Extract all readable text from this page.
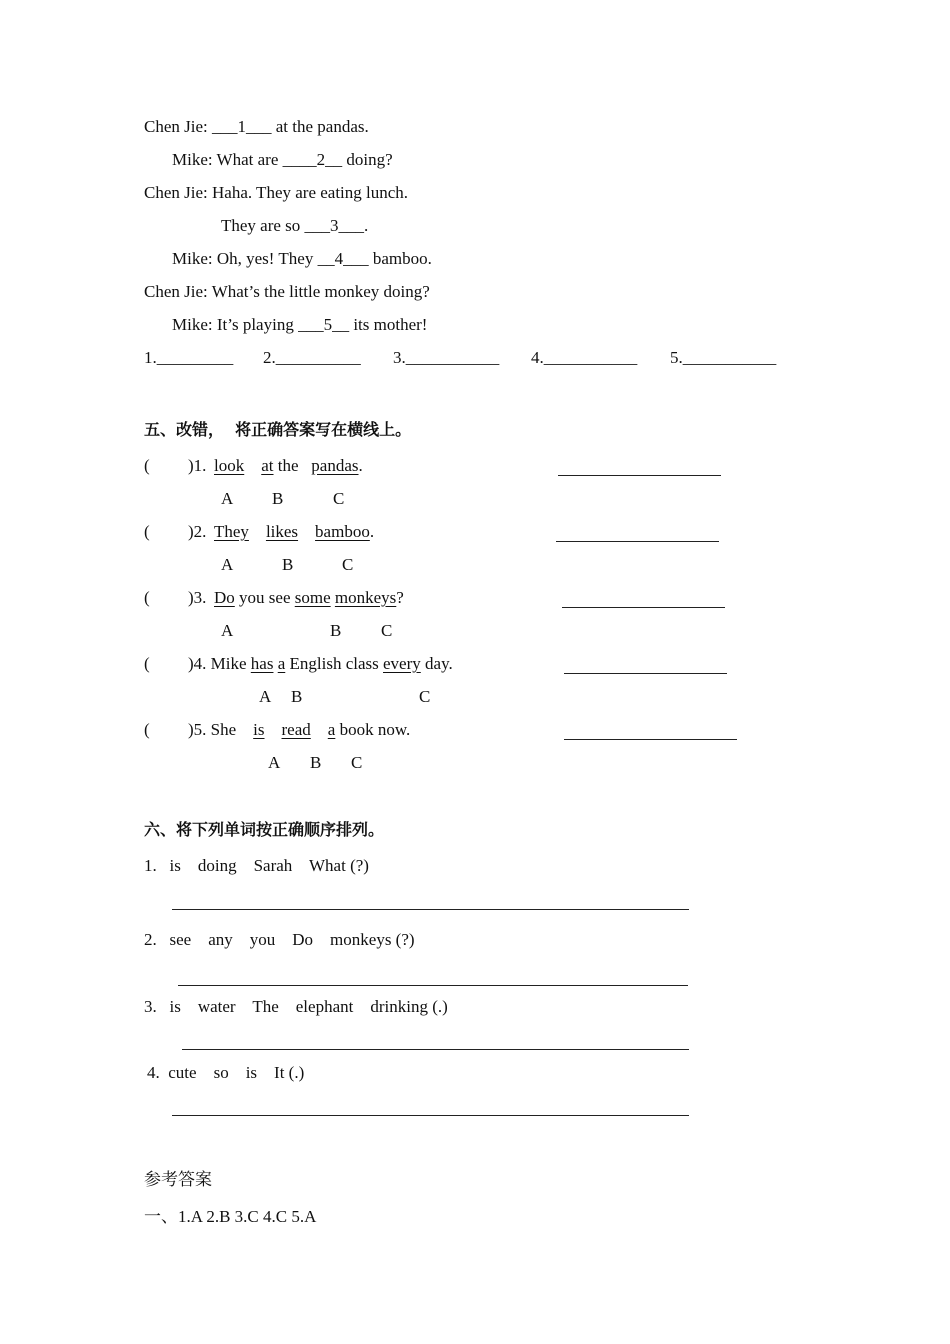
Chen Jie: ___1___ at the pandas.
Mike: What are ____2__ doing?
Chen Jie: Haha. They are eating lunch.
They are so ___3___.
Mike: Oh, yes! They __4___ bamboo.
Chen Jie: What’s the little monkey doing?
Mike: It’s playing ___5__ its mother!
1._________ 2.__________ 3.___________ 4.___________ 5.___________
五、改错，  将正确答案写在横线上。
( )1. look at the   pandas.
A B	C
( )2. They likes bamboo.
A	B	C
( )3. Do you see some monkeys?
A	B C
( )4. Mike has a English class every day.
A B	C
( )5. She is read a book now.
A B C
六、将下列单词按正确顺序排列。
1. is doing Sarah What (?)
2. see any you Do monkeys (?)
3. is water The elephant drinking (.)
4. cute so is It (.)
参考答案
一、1.A 2.B 3.C 4.C 5.A
